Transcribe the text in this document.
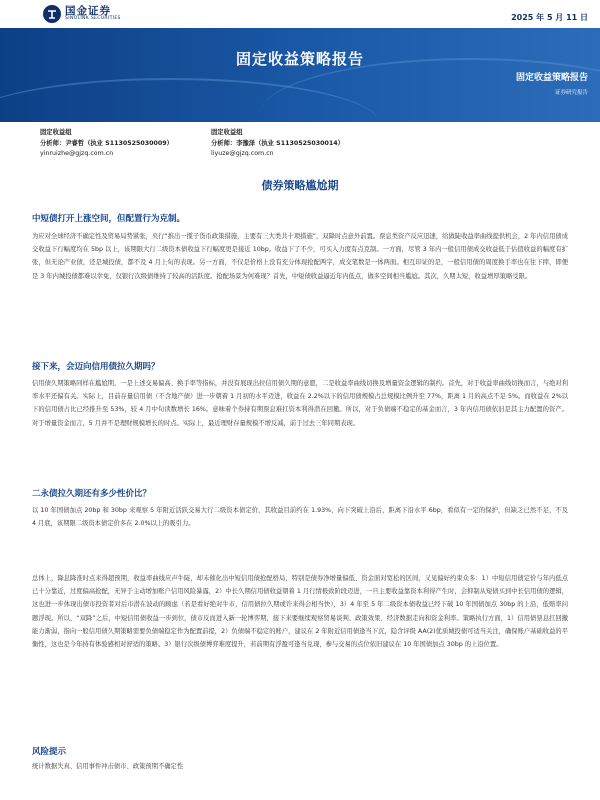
国金证券
SINOLINK SECURITIES	2025 年 5 月 11 日
固定收益策略报告
固定收益策略报告
证券研究报告
固定收益组
分析师：尹睿哲（执业 S1130525030009）
yinruizhe@gjzq.com.cn
固定收益组
分析师：李豫泽（执业 S1130525030014）
liyuze@gjzq.com.cn
债券策略尴尬期
中短债打开上涨空间，但配置行为克制。

为应对全球经济不确定性及贸易局势紧张，央行“推出一揽子货币政策措施，主要有三大类共十项措施”，双降时点意外前置。票息类资产反应迅速，给做陡收益率曲线提供机会，2 年内信用债成交收益下行幅度均在 5bp 以上，该期限大行二级资本债收益下行幅度更是接近 10bp。收益下了不少，可买入力度有点克制。一方面，尽管 3 年内一般信用债成交收益低于估值收益的幅度有扩张，但无论产业债，还是城投债，都不及 4 月上旬的表现。另一方面，不仅是价格上没有充分体现抢配两字，成交笔数是一体两面。相互印证的是，一般信用债的周度换手率也在往下摔，即便是 3 年内城投债都难以幸免，仅银行次级债维持了较高的活跃度。抢配场景为何难现？首先，中短债收益逼近年内低点，做多空间相当尴尬。其次，久期太短，收益增厚策略受限。

接下来，会迈向信用债拉久期吗？

信用债久期策略同样在尴尬期，一是上述交易偏高、换手率等指标，并没有展现出拉信用债久期的意愿，二是收益率曲线切换及增量资金逻辑的制约。首先，对于收益率曲线切换而言，与绝对利率水平还偏有关。实际上，目前存量信用债（不含地产债）进一步朝着 1 月初的水平迈进，收益在 2.2%以下的信用债规模占总规模比例升至 77%，距离 1 月的高点不足 5%。而收益在 2%以下的信用债占比已经推升至 53%，较 4 月中旬读数增长 16%。意味着个券持有期票息难扛资本利得潜在回撤。所以，对于负债端不稳定的基金而言，3 年内信用债依旧是其主力配置的资产。对于增量资金而言，5 月并不是理财规模增长的时点。实际上，最近理财存量规模不增反减，前于过去三年同期表现。

二永债拉久期还有多少性价比？

以 10 年国债加点 20bp 和 30bp 来观察 5 年附近活跃交易大行二级资本债定价，其收益目前约在 1.93%，向下突破上沿后，距离下沿水平 6bp，看似有一定的保护，但缺乏已然不足，不及 4 月底，该期限二级资本债定价多在 2.0%以上的吸引力。

总体上，降息降准时点来得超预期，收益率曲线应声牛陡，却未催化出中短信用债抢配格局，特别是债券净增量偏低、资金面对宽松的区间，又见偏好约束众多：1）中短信用债定价与年内低点已十分靠近，过度偏高抢配，无异于主动增加账户信用风险暴露，2）中长久期信用债收益朝着 1 月行情极致阶段迈进，一旦主要收益靠资本利得产生时，会抑制从短债买到中长信用债的逻辑，这也进一步体现出债市投资者对后市潜在波动的顾虑（若是看好绝对牛市，信用债拉久期或许来得会相当快），3）4 年至 5 年二级资本债收益已经下破 10 年国债加点 30bp 的上沿，低赔率问题浮现。所以，“双降”之后，中短信用债收益一步到位，债市反而进入新一轮博弈期，接下来要继续观察贸易谈判、政策效果、经济数据走向和资金利率。策略执行方面，1）信用债票息扛回撤能力渐弱，指向一般信用债久期策略需要负债端稳定作为配置前提，2）负债端不稳定的账户，建议在 2 年附近信用债逢当下沉，隐含评级 AA(2)优质城投债可适当关注，确保账户基础收益的平衡性，这也是今年持有体验感相对舒适的策略。3）银行次级债博弈难度提升，若前期有浮盈可逢当兑现，参与交易的点位依旧建议在 10 年国债加点 30bp 的上沿位置。

风险提示

统计数据失真、信用事件冲击债市、政策预期不确定性
